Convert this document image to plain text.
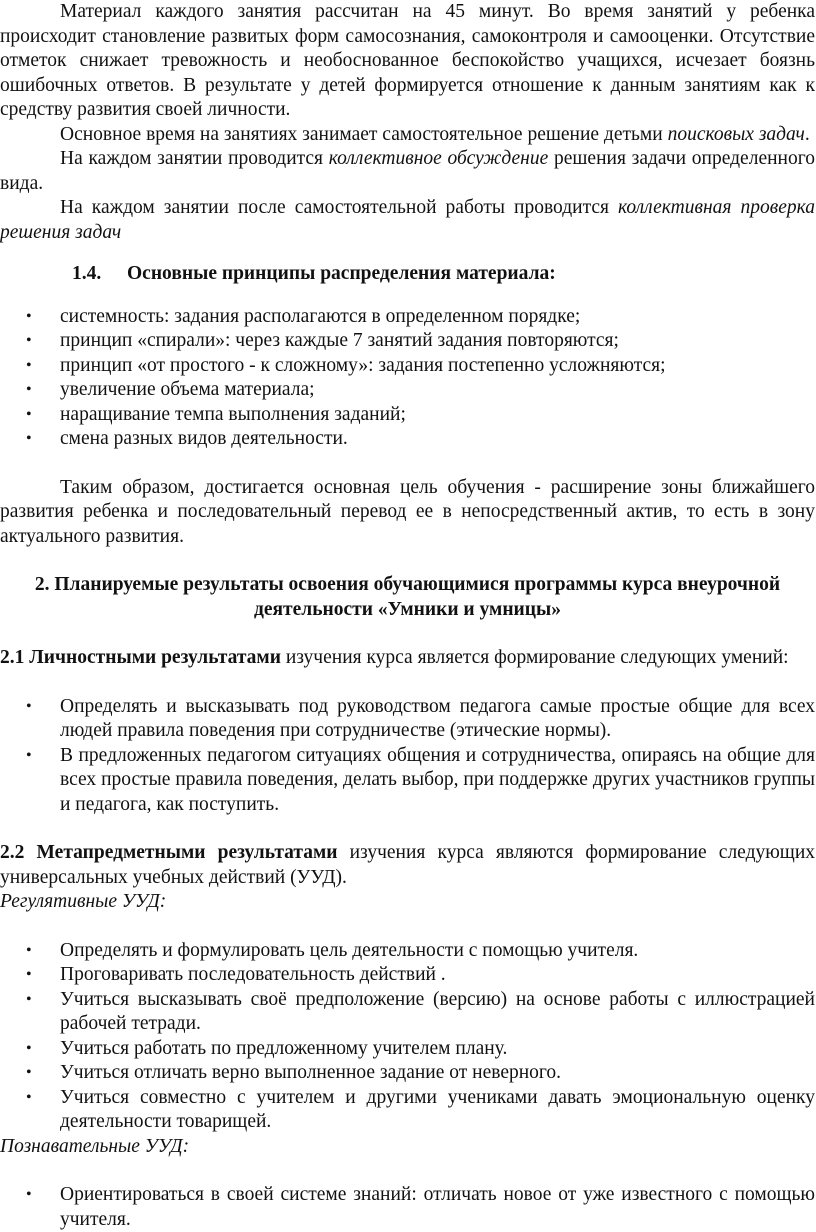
Материал каждого занятия рассчитан на 45 минут. Во время занятий у ребенка происходит становление развитых форм самосознания, самоконтроля и самооценки. Отсутствие отметок снижает тревожность и необоснованное беспокойство учащихся, исчезает боязнь ошибочных ответов. В результате у детей формируется отношение к данным занятиям как к средству развития своей личности.

Основное время на занятиях занимает самостоятельное решение детьми поисковых задач.

На каждом занятии проводится коллективное обсуждение решения задачи определенного вида.

На каждом занятии после самостоятельной работы проводится коллективная проверка решения задач

1.4. Основные принципы распределения материала:

• системность: задания располагаются в определенном порядке;
• принцип «спирали»: через каждые 7 занятий задания повторяются;
• принцип «от простого - к сложному»: задания постепенно усложняются;
• увеличение объема материала;
• наращивание темпа выполнения заданий;
• смена разных видов деятельности.

Таким образом, достигается основная цель обучения - расширение зоны ближайшего развития ребенка и последовательный перевод ее в непосредственный актив, то есть в зону актуального развития.

2. Планируемые результаты освоения обучающимися программы курса внеурочной деятельности «Умники и умницы»

2.1 Личностными результатами изучения курса является формирование следующих умений:

• Определять и высказывать под руководством педагога самые простые общие для всех людей правила поведения при сотрудничестве (этические нормы).
• В предложенных педагогом ситуациях общения и сотрудничества, опираясь на общие для всех простые правила поведения, делать выбор, при поддержке других участников группы и педагога, как поступить.

2.2 Метапредметными результатами изучения курса являются формирование следующих универсальных учебных действий (УУД).

Регулятивные УУД:

• Определять и формулировать цель деятельности с помощью учителя.
• Проговаривать последовательность действий .
• Учиться высказывать своё предположение (версию) на основе работы с иллюстрацией рабочей тетради.
• Учиться работать по предложенному учителем плану.
• Учиться отличать верно выполненное задание от неверного.
• Учиться совместно с учителем и другими учениками давать эмоциональную оценку деятельности товарищей.

Познавательные УУД:

• Ориентироваться в своей системе знаний: отличать новое от уже известного с помощью учителя.
